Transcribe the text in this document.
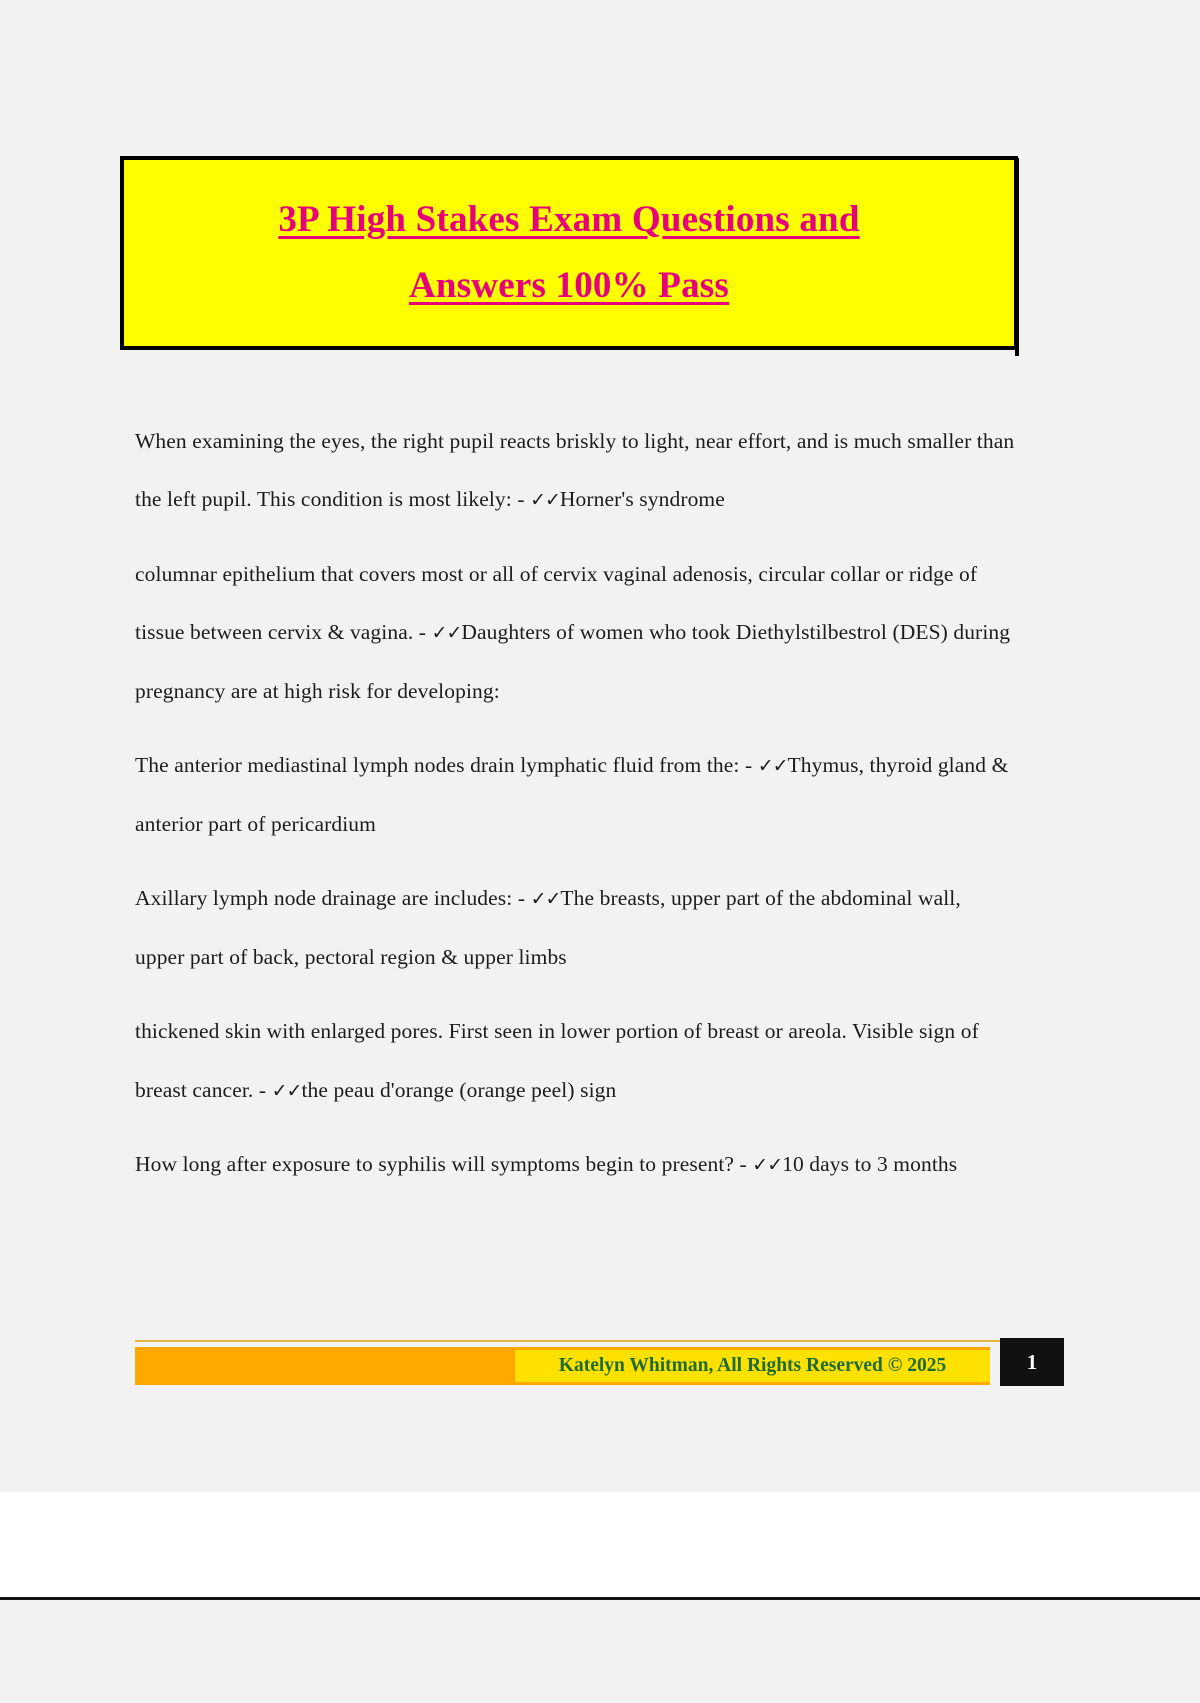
3P High Stakes Exam Questions and
Answers 100% Pass

When examining the eyes, the right pupil reacts briskly to light, near effort, and is much smaller than the left pupil. This condition is most likely: - ✓✓Horner's syndrome

columnar epithelium that covers most or all of cervix vaginal adenosis, circular collar or ridge of tissue between cervix & vagina. - ✓✓Daughters of women who took Diethylstilbestrol (DES) during pregnancy are at high risk for developing:

The anterior mediastinal lymph nodes drain lymphatic fluid from the: - ✓✓Thymus, thyroid gland & anterior part of pericardium

Axillary lymph node drainage are includes: - ✓✓The breasts, upper part of the abdominal wall, upper part of back, pectoral region & upper limbs

thickened skin with enlarged pores. First seen in lower portion of breast or areola. Visible sign of breast cancer. - ✓✓the peau d'orange (orange peel) sign

How long after exposure to syphilis will symptoms begin to present? - ✓✓10 days to 3 months

Katelyn Whitman, All Rights Reserved © 2025	1
